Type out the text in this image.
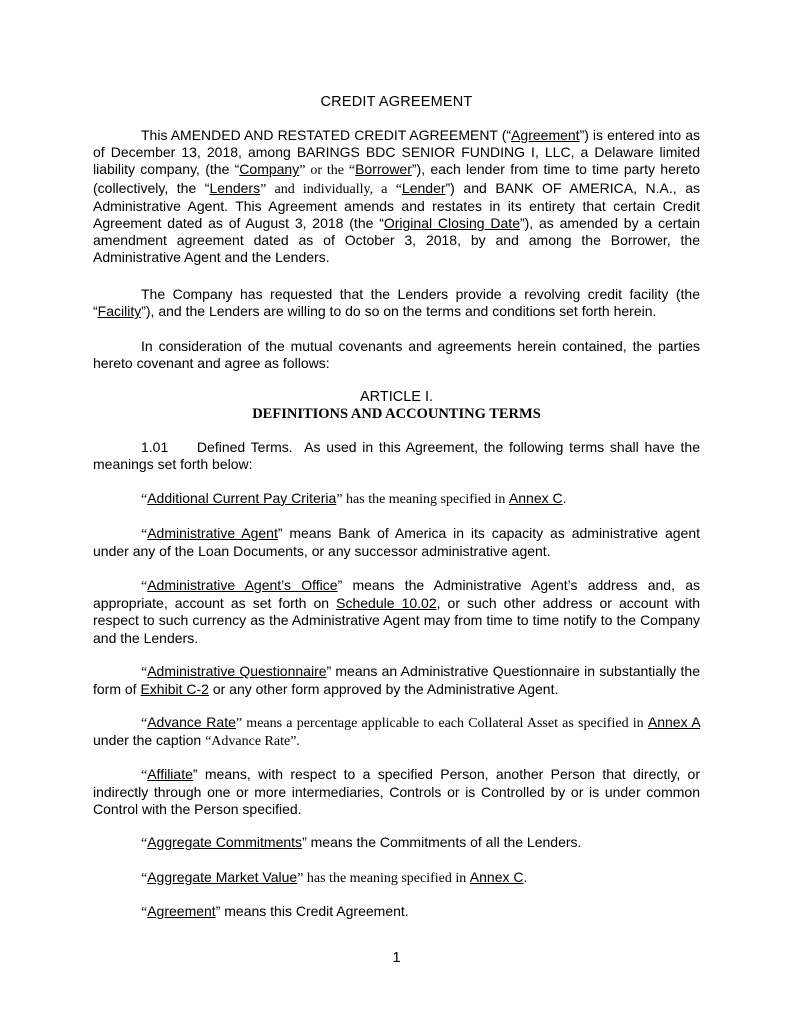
CREDIT AGREEMENT
This AMENDED AND RESTATED CREDIT AGREEMENT (“Agreement”) is entered into as of December 13, 2018, among BARINGS BDC SENIOR FUNDING I, LLC, a Delaware limited liability company, (the “Company” or the “Borrower”), each lender from time to time party hereto (collectively, the “Lenders” and individually, a “Lender”) and BANK OF AMERICA, N.A., as Administrative Agent. This Agreement amends and restates in its entirety that certain Credit Agreement dated as of August 3, 2018 (the “Original Closing Date”), as amended by a certain amendment agreement dated as of October 3, 2018, by and among the Borrower, the Administrative Agent and the Lenders.
The Company has requested that the Lenders provide a revolving credit facility (the “Facility”), and the Lenders are willing to do so on the terms and conditions set forth herein.
In consideration of the mutual covenants and agreements herein contained, the parties hereto covenant and agree as follows:
ARTICLE I.
DEFINITIONS AND ACCOUNTING TERMS
1.01 Defined Terms. As used in this Agreement, the following terms shall have the meanings set forth below:
“Additional Current Pay Criteria” has the meaning specified in Annex C.
“Administrative Agent” means Bank of America in its capacity as administrative agent under any of the Loan Documents, or any successor administrative agent.
“Administrative Agent’s Office” means the Administrative Agent’s address and, as appropriate, account as set forth on Schedule 10.02, or such other address or account with respect to such currency as the Administrative Agent may from time to time notify to the Company and the Lenders.
“Administrative Questionnaire” means an Administrative Questionnaire in substantially the form of Exhibit C-2 or any other form approved by the Administrative Agent.
“Advance Rate” means a percentage applicable to each Collateral Asset as specified in Annex A under the caption “Advance Rate”.
“Affiliate” means, with respect to a specified Person, another Person that directly, or indirectly through one or more intermediaries, Controls or is Controlled by or is under common Control with the Person specified.
“Aggregate Commitments” means the Commitments of all the Lenders.
“Aggregate Market Value” has the meaning specified in Annex C.
“Agreement” means this Credit Agreement.
1
